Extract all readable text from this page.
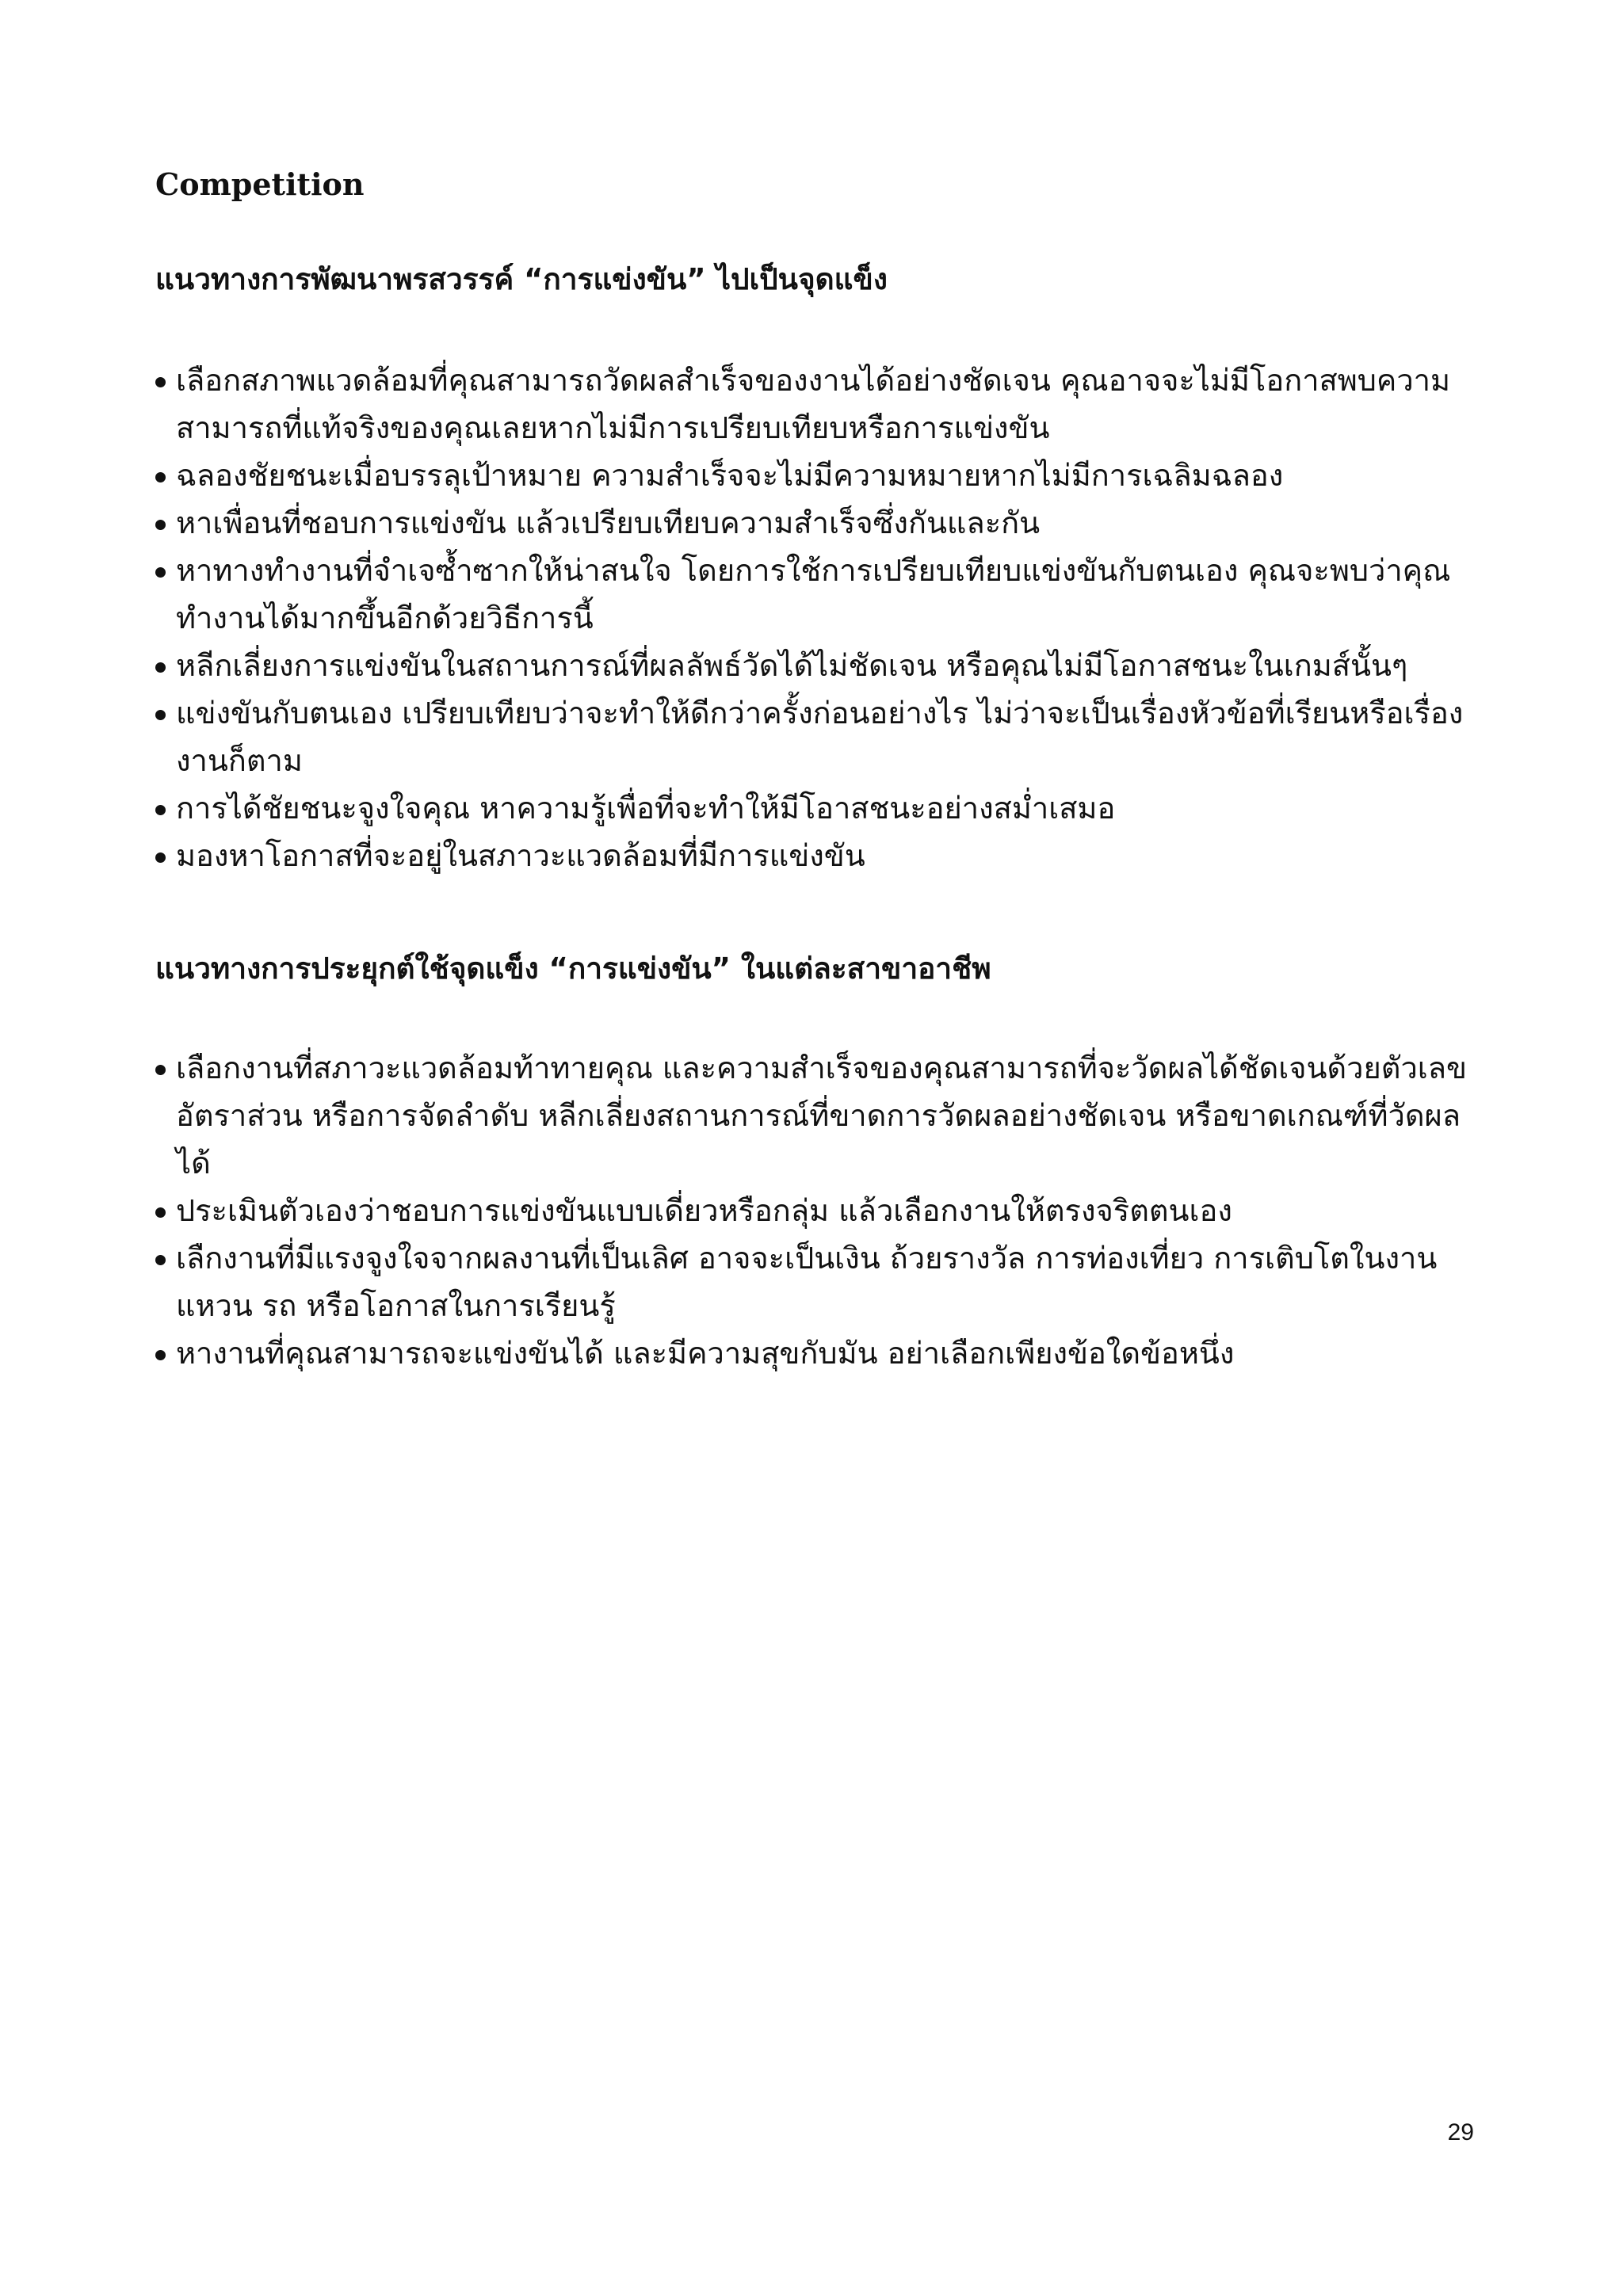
Competition
แนวทางการพัฒนาพรสวรรค์ “การแข่งขัน” ไปเป็นจุดแข็ง
เลือกสภาพแวดล้อมที่คุณสามารถวัดผลสำเร็จของงานได้อย่างชัดเจน คุณอาจจะไม่มีโอกาสพบความสามารถที่แท้จริงของคุณเลยหากไม่มีการเปรียบเทียบหรือการแข่งขัน
ฉลองชัยชนะเมื่อบรรลุเป้าหมาย ความสำเร็จจะไม่มีความหมายหากไม่มีการเฉลิมฉลอง
หาเพื่อนที่ชอบการแข่งขัน แล้วเปรียบเทียบความสำเร็จซึ่งกันและกัน
หาทางทำงานที่จำเจซ้ำซากให้น่าสนใจ โดยการใช้การเปรียบเทียบแข่งขันกับตนเอง คุณจะพบว่าคุณทำงานได้มากขึ้นอีกด้วยวิธีการนี้
หลีกเลี่ยงการแข่งขันในสถานการณ์ที่ผลลัพธ์วัดได้ไม่ชัดเจน หรือคุณไม่มีโอกาสชนะในเกมส์นั้นๆ
แข่งขันกับตนเอง เปรียบเทียบว่าจะทำให้ดีกว่าครั้งก่อนอย่างไร ไม่ว่าจะเป็นเรื่องหัวข้อที่เรียนหรือเรื่องงานก็ตาม
การได้ชัยชนะจูงใจคุณ หาความรู้เพื่อที่จะทำให้มีโอาสชนะอย่างสม่ำเสมอ
มองหาโอกาสที่จะอยู่ในสภาวะแวดล้อมที่มีการแข่งขัน
แนวทางการประยุกต์ใช้จุดแข็ง “การแข่งขัน” ในแต่ละสาขาอาชีพ
เลือกงานที่สภาวะแวดล้อมท้าทายคุณ และความสำเร็จของคุณสามารถที่จะวัดผลได้ชัดเจนด้วยตัวเลข อัตราส่วน หรือการจัดลำดับ หลีกเลี่ยงสถานการณ์ที่ขาดการวัดผลอย่างชัดเจน หรือขาดเกณฑ์ที่วัดผลได้
ประเมินตัวเองว่าชอบการแข่งขันแบบเดี่ยวหรือกลุ่ม แล้วเลือกงานให้ตรงจริตตนเอง
เลืกงานที่มีแรงจูงใจจากผลงานที่เป็นเลิศ อาจจะเป็นเงิน ถ้วยรางวัล การท่องเที่ยว การเติบโตในงาน แหวน รถ หรือโอกาสในการเรียนรู้
หางานที่คุณสามารถจะแข่งขันได้ และมีความสุขกับมัน อย่าเลือกเพียงข้อใดข้อหนึ่ง
29
